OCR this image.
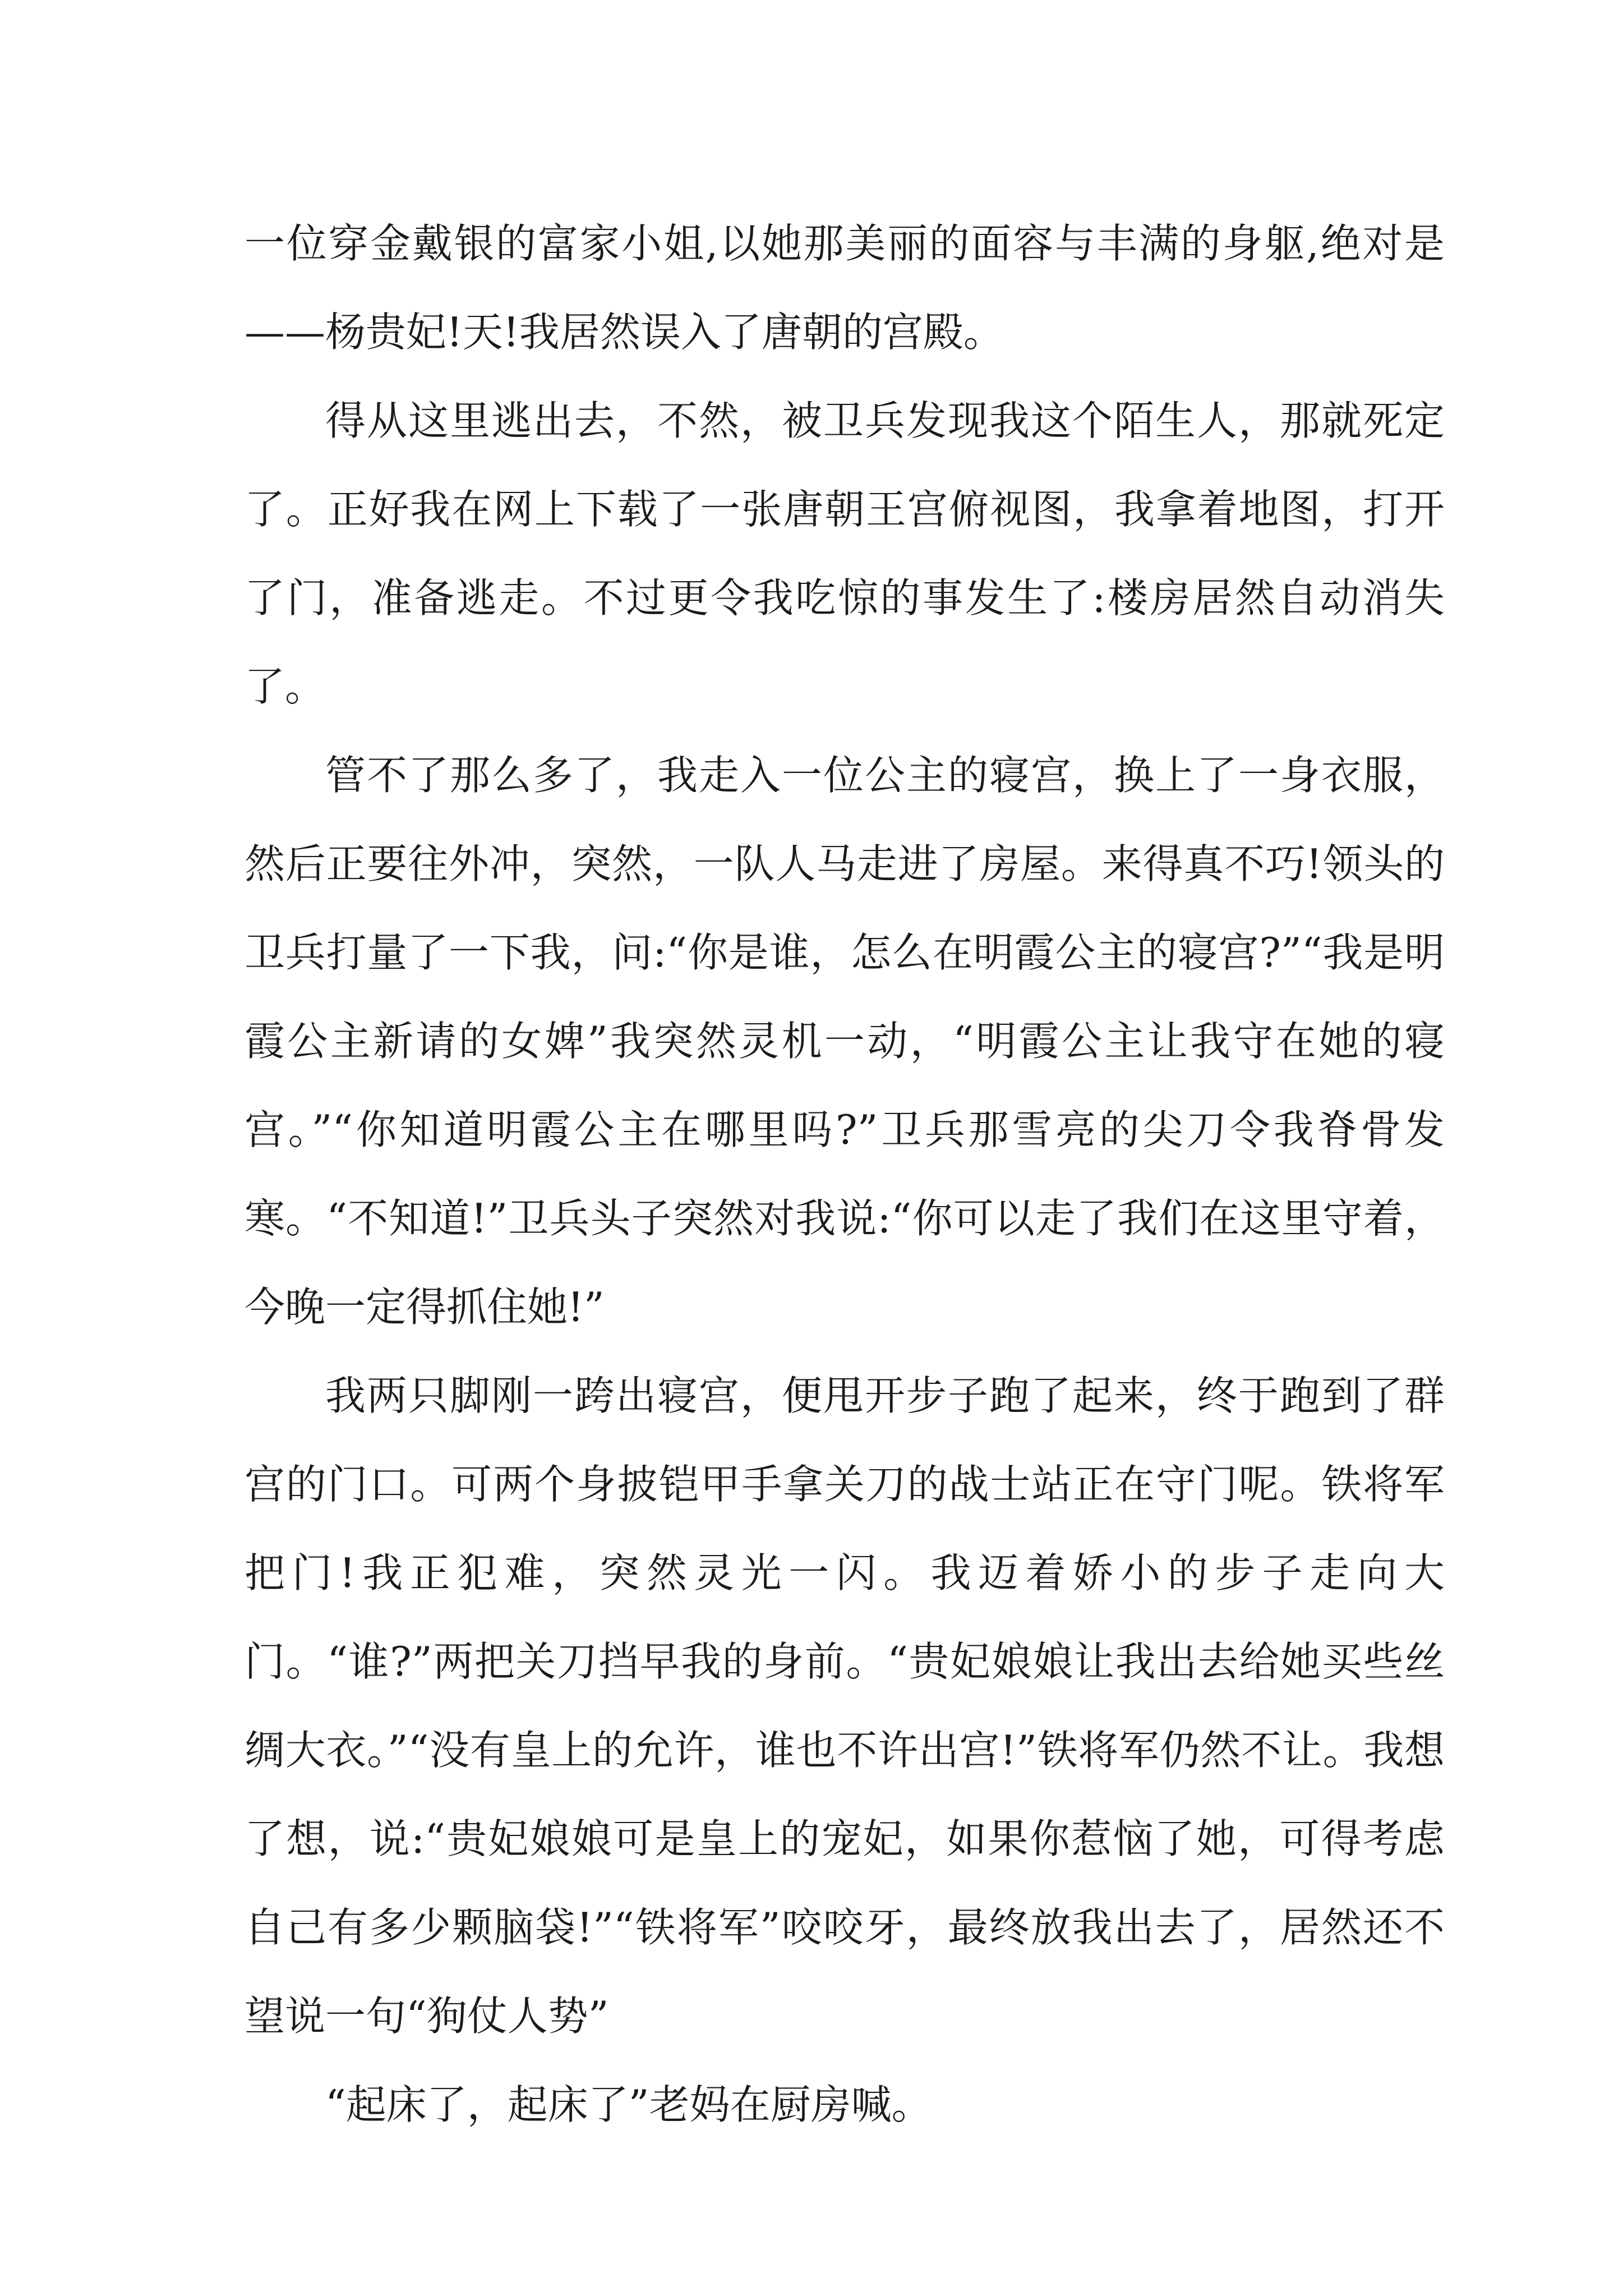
一位穿金戴银的富家小姐,以她那美丽的面容与丰满的身躯,绝对是——杨贵妃!天!我居然误入了唐朝的宫殿。

得从这里逃出去，不然，被卫兵发现我这个陌生人，那就死定了。正好我在网上下载了一张唐朝王宫俯视图，我拿着地图，打开了门，准备逃走。不过更令我吃惊的事发生了:楼房居然自动消失了。

管不了那么多了，我走入一位公主的寝宫，换上了一身衣服，然后正要往外冲，突然，一队人马走进了房屋。来得真不巧!领头的卫兵打量了一下我，问:“你是谁，怎么在明霞公主的寝宫?”“我是明霞公主新请的女婢”我突然灵机一动，“明霞公主让我守在她的寝宫。”“你知道明霞公主在哪里吗?”卫兵那雪亮的尖刀令我脊骨发寒。“不知道!”卫兵头子突然对我说:“你可以走了我们在这里守着，今晚一定得抓住她!”

我两只脚刚一跨出寝宫，便甩开步子跑了起来，终于跑到了群宫的门口。可两个身披铠甲手拿关刀的战士站正在守门呢。铁将军把门!我正犯难，突然灵光一闪。我迈着娇小的步子走向大门。“谁?”两把关刀挡早我的身前。“贵妃娘娘让我出去给她买些丝绸大衣。”“没有皇上的允许，谁也不许出宫!”铁将军仍然不让。我想了想，说:“贵妃娘娘可是皇上的宠妃，如果你惹恼了她，可得考虑自己有多少颗脑袋!”“铁将军”咬咬牙，最终放我出去了，居然还不望说一句“狗仗人势”

“起床了，起床了”老妈在厨房喊。
